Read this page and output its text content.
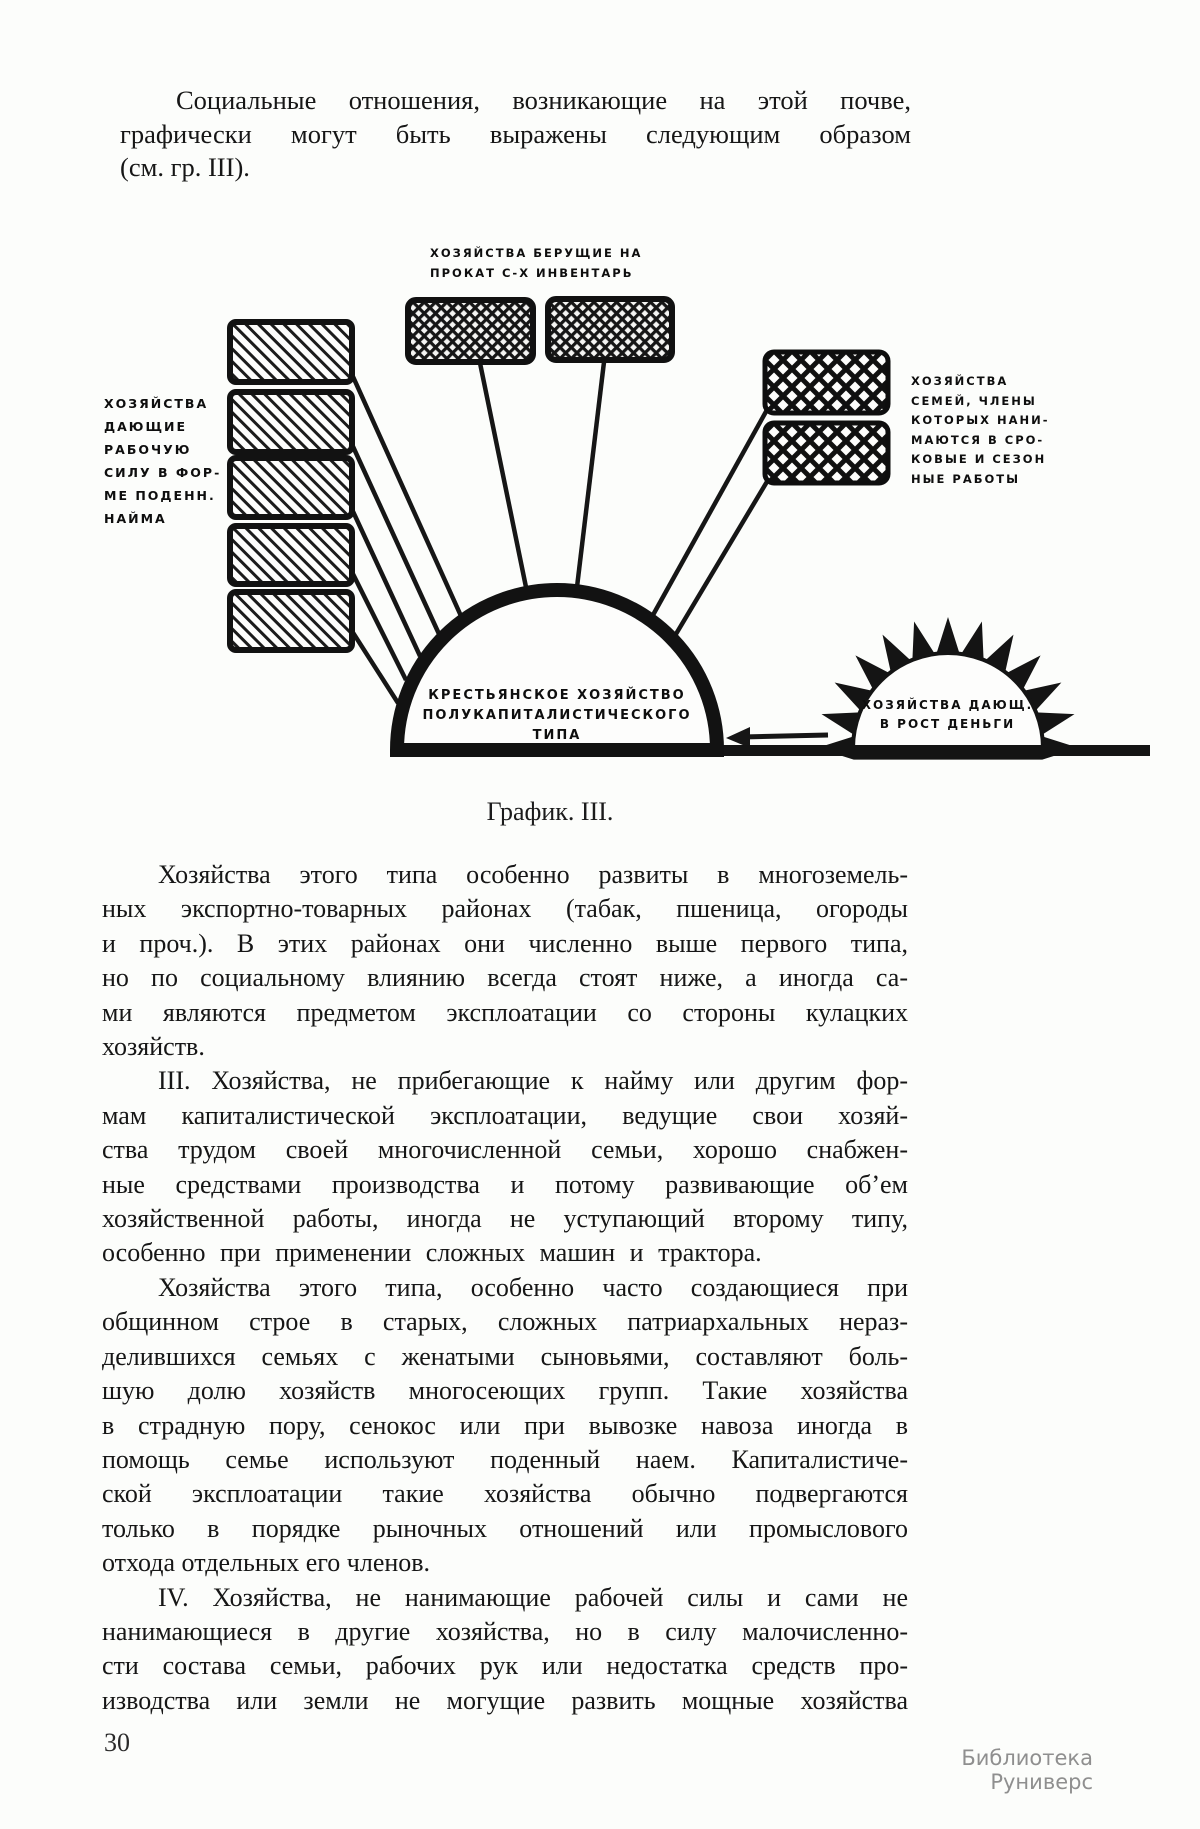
Социальные отношения, возникающие на этой почве,
графически могут быть выражены следующим образом
(см. гр. III).
ХОЗЯЙСТВА БЕРУЩИЕ НА
ПРОКАТ С-Х ИНВЕНТАРЬ
ХОЗЯЙСТВА
ДАЮЩИЕ
РАБОЧУЮ
СИЛУ В ФОР-
МЕ ПОДЕНН.
НАЙМА
ХОЗЯЙСТВА
СЕМЕЙ, ЧЛЕНЫ
КОТОРЫХ НАНИ-
МАЮТСЯ В СРО-
КОВЫЕ И СЕЗОН
НЫЕ РАБОТЫ
КРЕСТЬЯНСКОЕ ХОЗЯЙСТВО
ПОЛУКАПИТАЛИСТИЧЕСКОГО
ТИПА
ХОЗЯЙСТВА ДАЮЩ.
В РОСТ ДЕНЬГИ
График. III.
Хозяйства этого типа особенно развиты в многоземель-
ных экспортно-товарных районах (табак, пшеница, огороды
и проч.). В этих районах они численно выше первого типа,
но по социальному влиянию всегда стоят ниже, а иногда са-
ми являются предметом эксплоатации со стороны кулацких
хозяйств.
III. Хозяйства, не прибегающие к найму или другим фор-
мам капиталистической эксплоатации, ведущие свои хозяй-
ства трудом своей многочисленной семьи, хорошо снабжен-
ные средствами производства и потому развивающие об’ем
хозяйственной работы, иногда не уступающий второму типу,
особенно при применении сложных машин и трактора.
Хозяйства этого типа, особенно часто создающиеся при
общинном строе в старых, сложных патриархальных нераз-
делившихся семьях с женатыми сыновьями, составляют боль-
шую долю хозяйств многосеющих групп. Такие хозяйства
в страдную пору, сенокос или при вывозке навоза иногда в
помощь семье используют поденный наем. Капиталистиче-
ской эксплоатации такие хозяйства обычно подвергаются
только в порядке рыночных отношений или промыслового
отхода отдельных его членов.
IV. Хозяйства, не нанимающие рабочей силы и сами не
нанимающиеся в другие хозяйства, но в силу малочисленно-
сти состава семьи, рабочих рук или недостатка средств про-
изводства или земли не могущие развить мощные хозяйства
30
Библиотека Руниверс
